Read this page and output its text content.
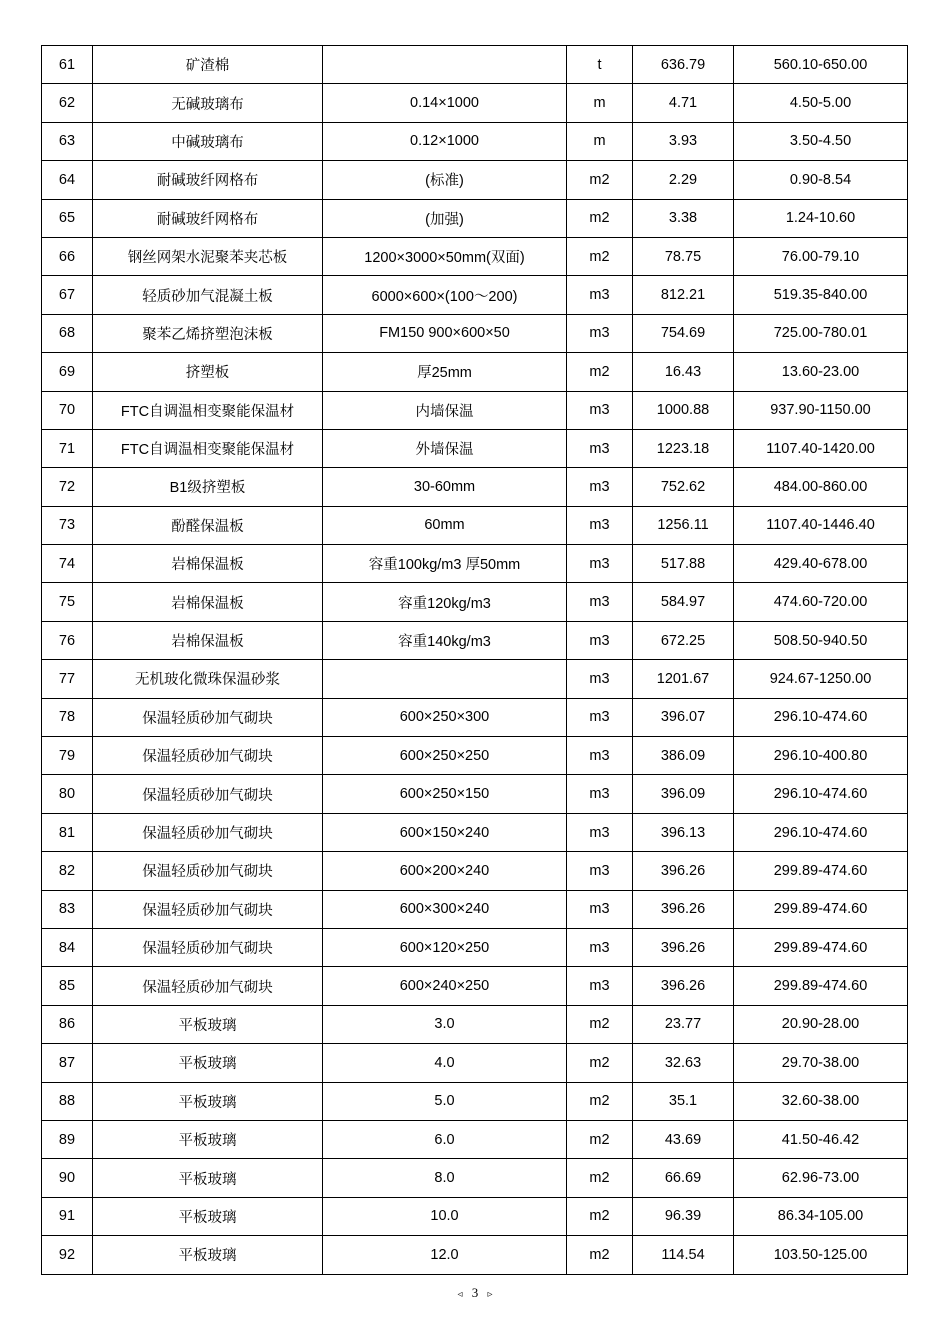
61	矿渣棉		t	636.79	560.10-650.00
62	无碱玻璃布	0.14×1000	m	4.71	4.50-5.00
63	中碱玻璃布	0.12×1000	m	3.93	3.50-4.50
64	耐碱玻纤网格布	(标准)	m2	2.29	0.90-8.54
65	耐碱玻纤网格布	(加强)	m2	3.38	1.24-10.60
66	钢丝网架水泥聚苯夹芯板	1200×3000×50mm(双面)	m2	78.75	76.00-79.10
67	轻质砂加气混凝土板	6000×600×(100～200)	m3	812.21	519.35-840.00
68	聚苯乙烯挤塑泡沫板	FM150 900×600×50	m3	754.69	725.00-780.01
69	挤塑板	厚25mm	m2	16.43	13.60-23.00
70	FTC自调温相变聚能保温材	内墙保温	m3	1000.88	937.90-1150.00
71	FTC自调温相变聚能保温材	外墙保温	m3	1223.18	1107.40-1420.00
72	B1级挤塑板	30-60mm	m3	752.62	484.00-860.00
73	酚醛保温板	60mm	m3	1256.11	1107.40-1446.40
74	岩棉保温板	容重100kg/m3 厚50mm	m3	517.88	429.40-678.00
75	岩棉保温板	容重120kg/m3	m3	584.97	474.60-720.00
76	岩棉保温板	容重140kg/m3	m3	672.25	508.50-940.50
77	无机玻化微珠保温砂浆		m3	1201.67	924.67-1250.00
78	保温轻质砂加气砌块	600×250×300	m3	396.07	296.10-474.60
79	保温轻质砂加气砌块	600×250×250	m3	386.09	296.10-400.80
80	保温轻质砂加气砌块	600×250×150	m3	396.09	296.10-474.60
81	保温轻质砂加气砌块	600×150×240	m3	396.13	296.10-474.60
82	保温轻质砂加气砌块	600×200×240	m3	396.26	299.89-474.60
83	保温轻质砂加气砌块	600×300×240	m3	396.26	299.89-474.60
84	保温轻质砂加气砌块	600×120×250	m3	396.26	299.89-474.60
85	保温轻质砂加气砌块	600×240×250	m3	396.26	299.89-474.60
86	平板玻璃	3.0	m2	23.77	20.90-28.00
87	平板玻璃	4.0	m2	32.63	29.70-38.00
88	平板玻璃	5.0	m2	35.1	32.60-38.00
89	平板玻璃	6.0	m2	43.69	41.50-46.42
90	平板玻璃	8.0	m2	66.69	62.96-73.00
91	平板玻璃	10.0	m2	96.39	86.34-105.00
92	平板玻璃	12.0	m2	114.54	103.50-125.00
◃ 3 ▹
